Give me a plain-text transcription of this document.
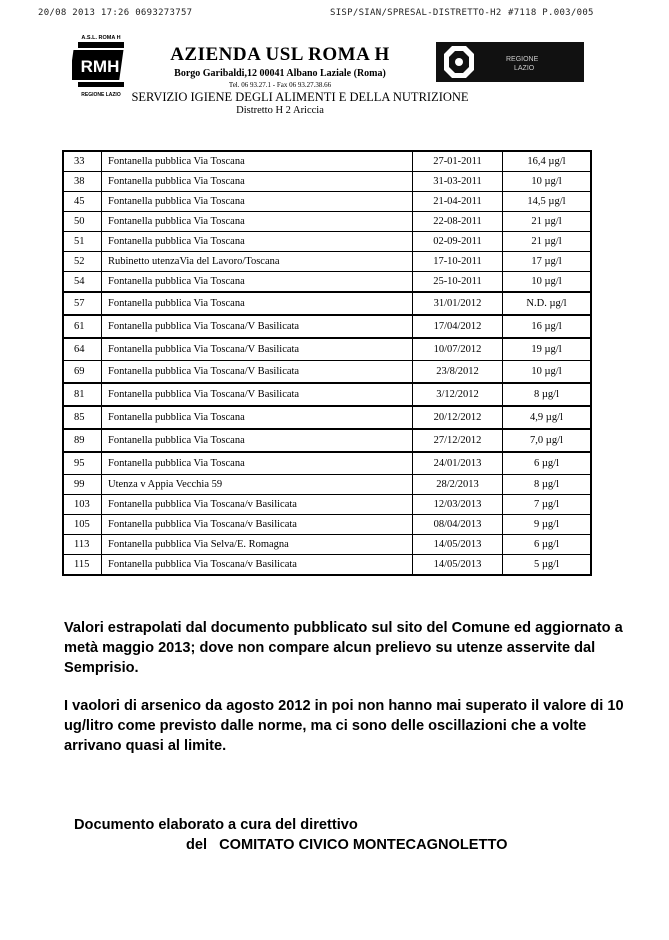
20/08 2013 17:26 0693273757	SISP/SIAN/SPRESAL-DISTRETTO-H2 #7118 P.003/005
A.S.L. ROMA H
RMH
REGIONE LAZIO
REGIONE
LAZIO
AZIENDA USL ROMA H
Borgo Garibaldi,12 00041 Albano Laziale (Roma)
Tel. 06 93.27.1 - Fax 06 93.27.38.66
SERVIZIO IGIENE DEGLI ALIMENTI E DELLA NUTRIZIONE
Distretto H 2 Ariccia
33	Fontanella pubblica Via Toscana	27-01-2011	16,4 µg/l
38	Fontanella pubblica Via Toscana	31-03-2011	10 µg/l
45	Fontanella pubblica Via Toscana	21-04-2011	14,5 µg/l
50	Fontanella pubblica Via Toscana	22-08-2011	21 µg/l
51	Fontanella pubblica Via Toscana	02-09-2011	21 µg/l
52	Rubinetto utenzaVia del Lavoro/Toscana	17-10-2011	17 µg/l
54	Fontanella pubblica Via Toscana	25-10-2011	10 µg/l
57	Fontanella pubblica Via Toscana	31/01/2012	N.D. µg/l
61	Fontanella pubblica Via Toscana/V Basilicata	17/04/2012	16 µg/l
64	Fontanella pubblica Via Toscana/V Basilicata	10/07/2012	19 µg/l
69	Fontanella pubblica Via Toscana/V Basilicata	23/8/2012	10 µg/l
81	Fontanella pubblica Via Toscana/V Basilicata	3/12/2012	8 µg/l
85	Fontanella pubblica Via Toscana	20/12/2012	4,9 µg/l
89	Fontanella pubblica Via Toscana	27/12/2012	7,0 µg/l
95	Fontanella pubblica Via Toscana	24/01/2013	6 µg/l
99	Utenza v Appia Vecchia 59	28/2/2013	8 µg/l
103	Fontanella pubblica Via Toscana/v Basilicata	12/03/2013	7 µg/l
105	Fontanella pubblica Via Toscana/v Basilicata	08/04/2013	9 µg/l
113	Fontanella pubblica Via Selva/E. Romagna	14/05/2013	6 µg/l
115	Fontanella pubblica Via Toscana/v Basilicata	14/05/2013	5 µg/l
Valori estrapolati dal documento pubblicato sul sito del Comune ed aggiornato a metà maggio 2013; dove non compare alcun prelievo su utenze asservite dal Semprisio.
I vaolori di arsenico da agosto 2012 in poi non hanno mai superato il valore di 10 ug/litro come previsto dalle norme, ma ci sono delle oscillazioni che a volte arrivano quasi al limite.
Documento elaborato a cura del direttivo
del COMITATO CIVICO MONTECAGNOLETTO
